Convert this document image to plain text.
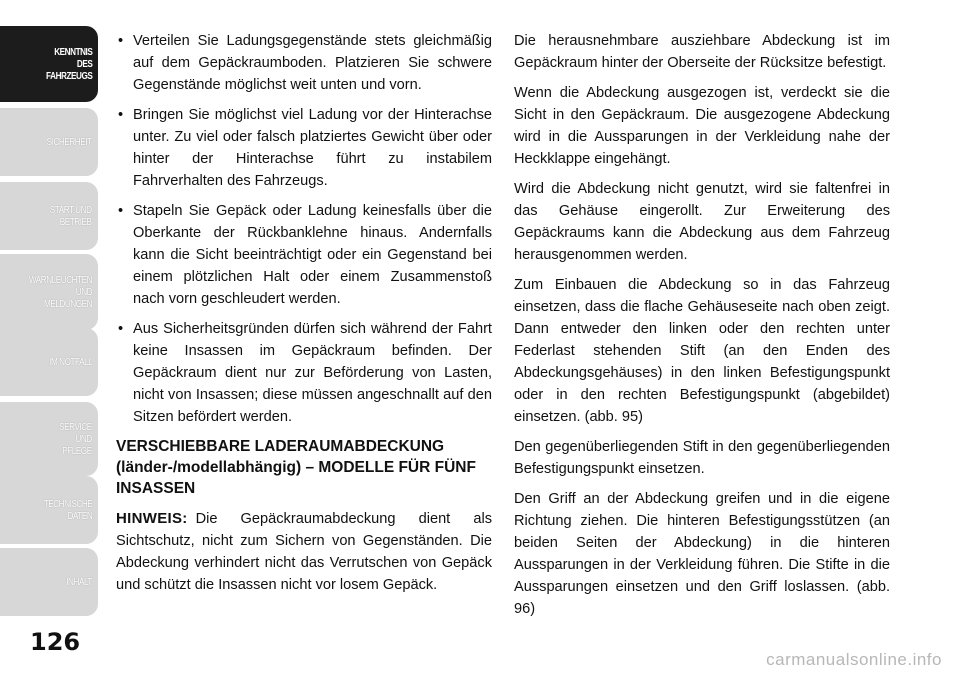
KENNTNIS
DES
FAHRZEUGS
SICHERHEIT
START UND
BETRIEB
WARNLEUCHTEN
UND
MELDUNGEN
IM NOTFALL
SERVICE
UND
PFLEGE
TECHNISCHE
DATEN
INHALT
126
• Verteilen Sie Ladungsgegenstände stets gleichmäßig auf dem Gepäckraumboden. Platzieren Sie schwere Gegenstände möglichst weit unten und vorn.
• Bringen Sie möglichst viel Ladung vor der Hinterachse unter. Zu viel oder falsch platziertes Gewicht über oder hinter der Hinterachse führt zu instabilem Fahrverhalten des Fahrzeugs.
• Stapeln Sie Gepäck oder Ladung keinesfalls über die Oberkante der Rückbanklehne hinaus. Andernfalls kann die Sicht beeinträchtigt oder ein Gegenstand bei einem plötzlichen Halt oder einem Zusammenstoß nach vorn geschleudert werden.
• Aus Sicherheitsgründen dürfen sich während der Fahrt keine Insassen im Gepäckraum befinden. Der Gepäckraum dient nur zur Beförderung von Lasten, nicht von Insassen; diese müssen angeschnallt auf den Sitzen befördert werden.
VERSCHIEBBARE LADERAUMABDECKUNG (länder-/modellabhängig) – MODELLE FÜR FÜNF INSASSEN

HINWEIS: Die Gepäckraumabdeckung dient als Sichtschutz, nicht zum Sichern von Gegenständen. Die Abdeckung verhindert nicht das Verrutschen von Gepäck und schützt die Insassen nicht vor losem Gepäck.

Die herausnehmbare ausziehbare Abdeckung ist im Gepäckraum hinter der Oberseite der Rücksitze befestigt.

Wenn die Abdeckung ausgezogen ist, verdeckt sie die Sicht in den Gepäckraum. Die ausgezogene Abdeckung wird in die Aussparungen in der Verkleidung nahe der Heckklappe eingehängt.

Wird die Abdeckung nicht genutzt, wird sie faltenfrei in das Gehäuse eingerollt. Zur Erweiterung des Gepäckraums kann die Abdeckung aus dem Fahrzeug herausgenommen werden.

Zum Einbauen die Abdeckung so in das Fahrzeug einsetzen, dass die flache Gehäuseseite nach oben zeigt. Dann entweder den linken oder den rechten unter Federlast stehenden Stift (an den Enden des Abdeckungsgehäuses) in den linken Befestigungspunkt oder in den rechten Befestigungspunkt (abgebildet) einsetzen. (abb. 95)

Den gegenüberliegenden Stift in den gegenüberliegenden Befestigungspunkt einsetzen.

Den Griff an der Abdeckung greifen und in die eigene Richtung ziehen. Die hinteren Befestigungsstützen (an beiden Seiten der Abdeckung) in die hinteren Aussparungen in der Verkleidung führen. Die Stifte in die Aussparungen einsetzen und den Griff loslassen. (abb. 96)

carmanualsonline.info
